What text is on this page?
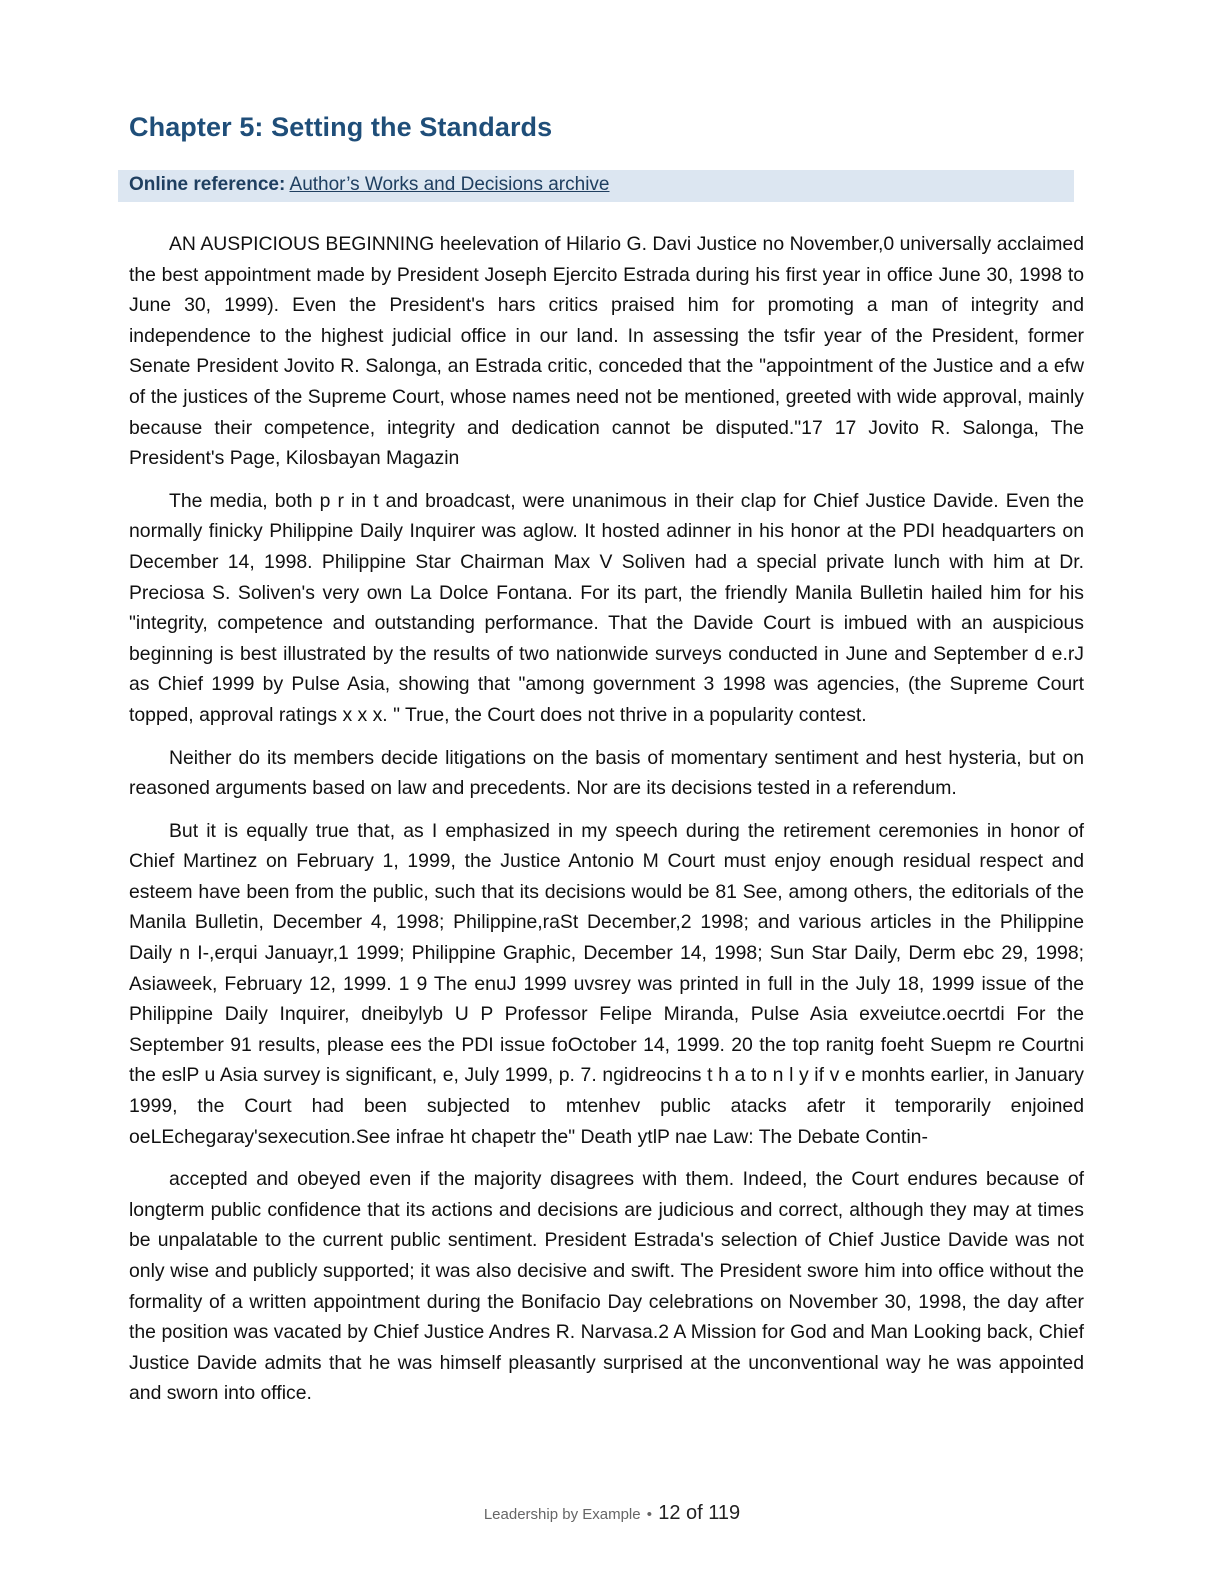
Chapter 5: Setting the Standards
Online reference: Author’s Works and Decisions archive

AN AUSPICIOUS BEGINNING heelevation of Hilario G. Davi Justice no November,0 universally acclaimed the best appointment made by President Joseph Ejercito Estrada during his first year in office June 30, 1998 to June 30, 1999). Even the President's hars critics praised him for promoting a man of integrity and independence to the highest judicial office in our land. In assessing the tsfir year of the President, former Senate President Jovito R. Salonga, an Estrada critic, conceded that the "appointment of the Justice and a efw of the justices of the Supreme Court, whose names need not be mentioned, greeted with wide approval, mainly because their competence, integrity and dedication cannot be disputed."17 17 Jovito R. Salonga, The President's Page, Kilosbayan Magazin

The media, both p r in t and broadcast, were unanimous in their clap for Chief Justice Davide. Even the normally finicky Philippine Daily Inquirer was aglow. It hosted adinner in his honor at the PDI headquarters on December 14, 1998. Philippine Star Chairman Max V Soliven had a special private lunch with him at Dr. Preciosa S. Soliven's very own La Dolce Fontana. For its part, the friendly Manila Bulletin hailed him for his "integrity, competence and outstanding performance. That the Davide Court is imbued with an auspicious beginning is best illustrated by the results of two nationwide surveys conducted in June and September d e.rJ as Chief 1999 by Pulse Asia, showing that "among government 3 1998 was agencies, (the Supreme Court topped, approval ratings x x x. " True, the Court does not thrive in a popularity contest.

Neither do its members decide litigations on the basis of momentary sentiment and hest hysteria, but on reasoned arguments based on law and precedents. Nor are its decisions tested in a referendum.

But it is equally true that, as I emphasized in my speech during the retirement ceremonies in honor of Chief Martinez on February 1, 1999, the Justice Antonio M Court must enjoy enough residual respect and esteem have been from the public, such that its decisions would be 81 See, among others, the editorials of the Manila Bulletin, December 4, 1998; Philippine,raSt December,2 1998; and various articles in the Philippine Daily n I-,erqui Januayr,1 1999; Philippine Graphic, December 14, 1998; Sun Star Daily, Derm ebc 29, 1998; Asiaweek, February 12, 1999. 1 9 The enuJ 1999 uvsrey was printed in full in the July 18, 1999 issue of the Philippine Daily Inquirer, dneibylyb U P Professor Felipe Miranda, Pulse Asia exveiutce.oecrtdi For the September 91 results, please ees the PDI issue foOctober 14, 1999. 20 the top ranitg foeht Suepm re Courtni the eslP u Asia survey is significant, e, July 1999, p. 7. ngidreocins t h a to n l y if v e monhts earlier, in January 1999, the Court had been subjected to mtenhev public atacks afetr it temporarily enjoined oeLEchegaray'sexecution.See infrae ht chapetr the" Death ytlP nae Law: The Debate Contin-

accepted and obeyed even if the majority disagrees with them. Indeed, the Court endures because of longterm public confidence that its actions and decisions are judicious and correct, although they may at times be unpalatable to the current public sentiment. President Estrada's selection of Chief Justice Davide was not only wise and publicly supported; it was also decisive and swift. The President swore him into office without the formality of a written appointment during the Bonifacio Day celebrations on November 30, 1998, the day after the position was vacated by Chief Justice Andres R. Narvasa.2 A Mission for God and Man Looking back, Chief Justice Davide admits that he was himself pleasantly surprised at the unconventional way he was appointed and sworn into office.

Leadership by Example • 12 of 119
